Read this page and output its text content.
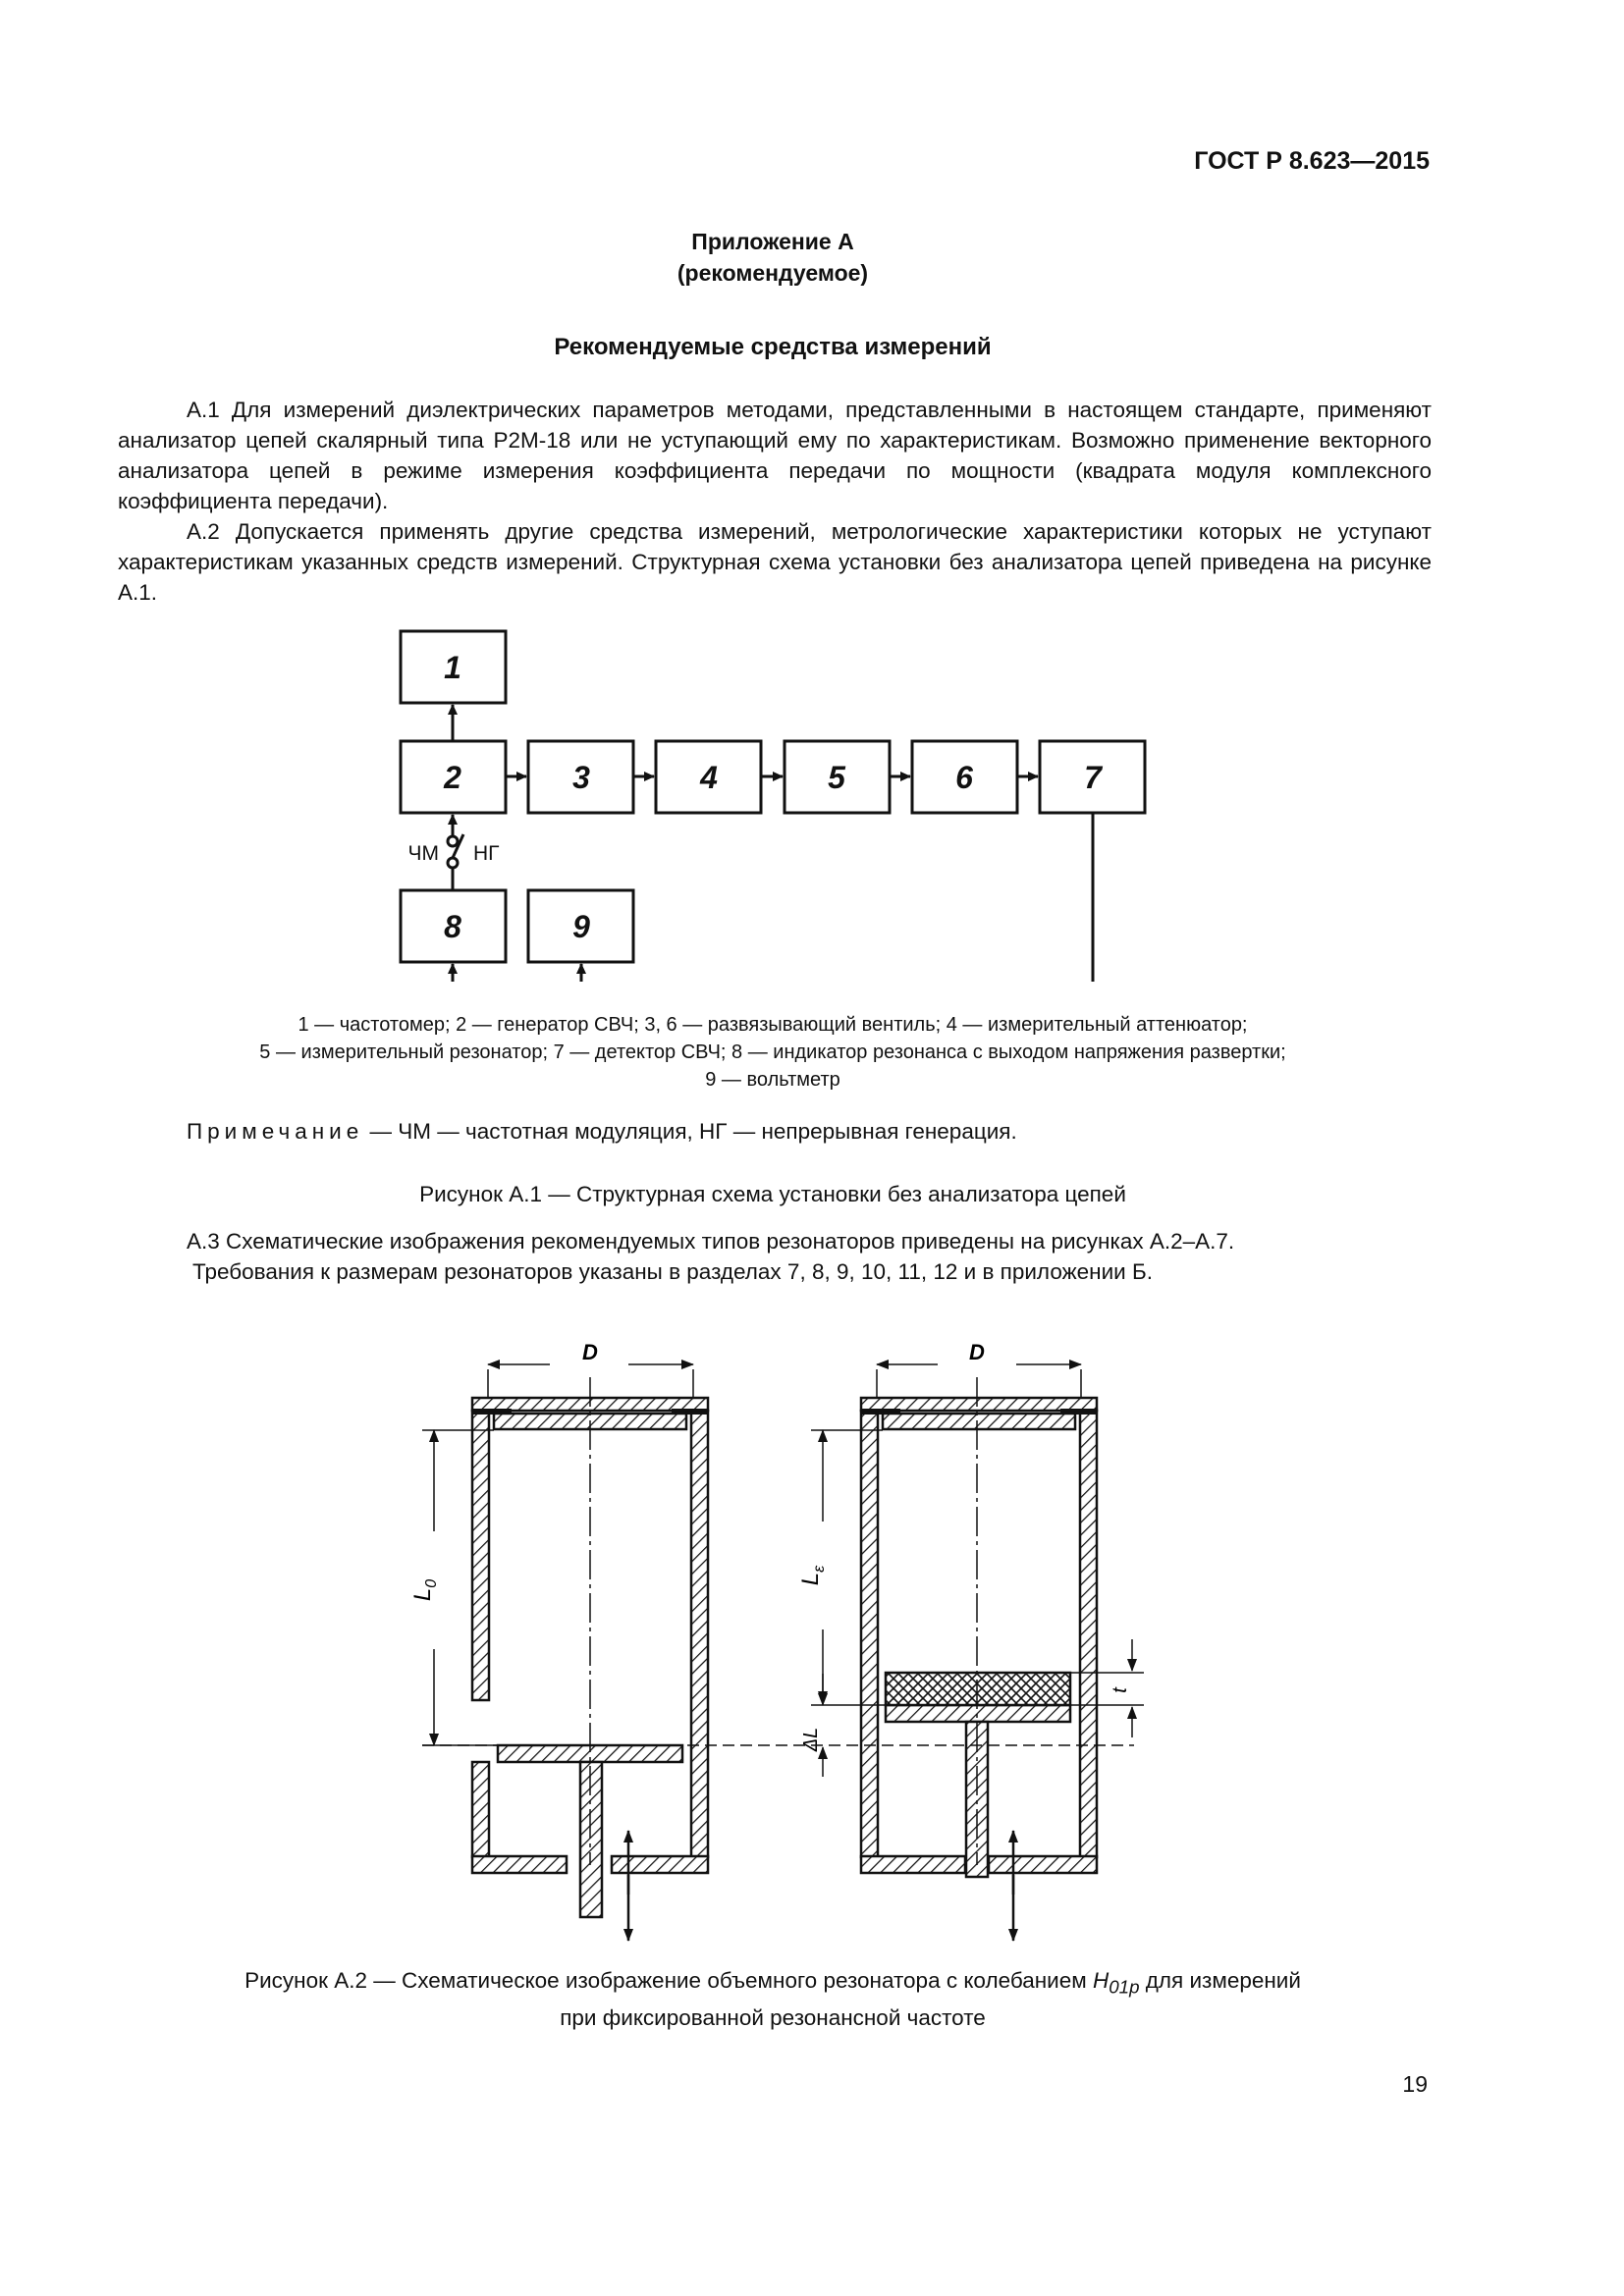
ГОСТ Р 8.623—2015
Приложение А
(рекомендуемое)
Рекомендуемые средства измерений

А.1 Для измерений диэлектрических параметров методами, представленными в настоящем стандарте, применяют анализатор цепей скалярный типа Р2М-18 или не уступающий ему по характеристикам. Возможно применение векторного анализатора цепей в режиме измерения коэффициента передачи по мощности (квадрата модуля комплексного коэффициента передачи).

А.2 Допускается применять другие средства измерений, метрологические характеристики которых не уступают характеристикам указанных средств измерений. Структурная схема установки без анализатора цепей приведена на рисунке А.1.

1
2	3	4	5	6	7
8	9
ЧМ НГ
1 — частотомер; 2 — генератор СВЧ; 3, 6 — развязывающий вентиль; 4 — измерительный аттенюатор;
5 — измерительный резонатор; 7 — детектор СВЧ; 8 — индикатор резонанса с выходом напряжения развертки;
9 — вольтметр
Примечание — ЧМ — частотная модуляция, НГ — непрерывная генерация.
Рисунок А.1 — Структурная схема установки без анализатора цепей
А.3 Схематические изображения рекомендуемых типов резонаторов приведены на рисунках А.2–А.7.
Требования к размерам резонаторов указаны в разделах 7, 8, 9, 10, 11, 12 и в приложении Б.
D
$L_0$
D
$L_\varepsilon$
ΔL
t
Рисунок А.2 — Схематическое изображение объемного резонатора с колебанием $H_{01p}$ для измерений
при фиксированной резонансной частоте
19
